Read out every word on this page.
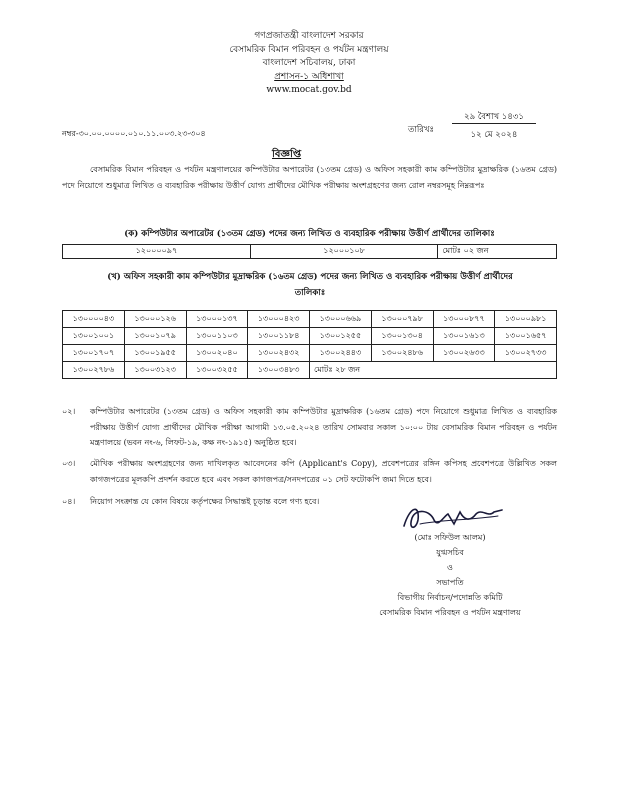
গণপ্রজাতন্ত্রী বাংলাদেশ সরকার
বেসামরিক বিমান পরিবহন ও পর্যটন মন্ত্রণালয়
বাংলাদেশ সচিবালয়, ঢাকা
প্রশাসন-১ অধিশাখা
www.mocat.gov.bd
নম্বর-৩০.০০.০০০০.০১০.১১.০০৩.২৩-৩০৪	তারিখঃ
২৯ বৈশাখ ১৪৩১
১২ মে ২০২৪
বিজ্ঞপ্তি
বেসামরিক বিমান পরিবহন ও পর্যটন মন্ত্রণালয়ের কম্পিউটার অপারেটর (১৩তম গ্রেড) ও অফিস সহকারী কাম কম্পিউটার মুদ্রাক্ষরিক (১৬তম গ্রেড) পদে নিয়োগে শুধুমাত্র লিখিত ও ব্যবহারিক পরীক্ষায় উত্তীর্ণ যোগ্য প্রার্থীদের মৌখিক পরীক্ষায় অংশগ্রহণের জন্য রোল নম্বরসমূহ নিম্নরূপঃ
(ক) কম্পিউটার অপারেটর (১৩তম গ্রেড) পদের জন্য লিখিত ও ব্যবহারিক পরীক্ষায় উত্তীর্ণ প্রার্থীদের তালিকাঃ
১২০০০০৯৭	১২০০০১০৮	মোটঃ ০২ জন
(খ) অফিস সহকারী কাম কম্পিউটার মুদ্রাক্ষরিক (১৬তম গ্রেড) পদের জন্য লিখিত ও ব্যবহারিক পরীক্ষায় উত্তীর্ণ প্রার্থীদের তালিকাঃ
১৩০০০০৪৩	১৩০০০১২৬	১৩০০০১৩৭	১৩০০০৪২৩	১৩০০০৬৬৯	১৩০০০৭৯৮	১৩০০০৮৭৭	১৩০০০৯৮১
১৩০০১০০১	১৩০০১০৭৯	১৩০০১১০৩	১৩০০১১৮৪	১৩০০১২৫৫	১৩০০১৩০৪	১৩০০১৬১৩	১৩০০১৬৫৭
১৩০০১৭০৭	১৩০০১৯৫৫	১৩০০২০৪০	১৩০০২৪৩২	১৩০০২৪৪৩	১৩০০২৪৮৬	১৩০০২৬৩৩	১৩০০২৭৩৩
১৩০০২৭৮৬	১৩০০৩১২৩	১৩০০৩২৫৫	১৩০০৩৪৮৩	মোটঃ ২৮ জন			
০২। কম্পিউটার অপারেটর (১৩তম গ্রেড) ও অফিস সহকারী কাম কম্পিউটার মুদ্রাক্ষরিক (১৬তম গ্রেড) পদে নিয়োগে শুধুমাত্র লিখিত ও ব্যবহারিক পরীক্ষায় উত্তীর্ণ যোগ্য প্রার্থীদের মৌখিক পরীক্ষা আগামী ১৩.০৫.২০২৪ তারিখ সোমবার সকাল ১০:০০ টায় বেসামরিক বিমান পরিবহন ও পর্যটন মন্ত্রণালয়ে (ভবন নং-৬, লিফট-১৯, কক্ষ নং-১৯১৫) অনুষ্ঠিত হবে।
০৩। মৌখিক পরীক্ষায় অংশগ্রহণের জন্য দাখিলকৃত আবেদনের কপি (Applicant's Copy), প্রবেশপত্রের রঙ্গিন কপিসহ প্রবেশপত্রে উল্লিখিত সকল কাগজপত্রের মূলকপি প্রদর্শন করতে হবে এবং সকল কাগজপত্র/সনদপত্রের ০১ সেট ফটোকপি জমা দিতে হবে।
০৪। নিয়োগ সংক্রান্ত যে কোন বিষয়ে কর্তৃপক্ষের সিদ্ধান্তই চূড়ান্ত বলে গণ্য হবে।
(মোঃ সফিউল আলম)
যুগ্মসচিব
ও
সভাপতি
বিভাগীয় নির্বাচন/পদোন্নতি কমিটি
বেসামরিক বিমান পরিবহন ও পর্যটন মন্ত্রণালয়
